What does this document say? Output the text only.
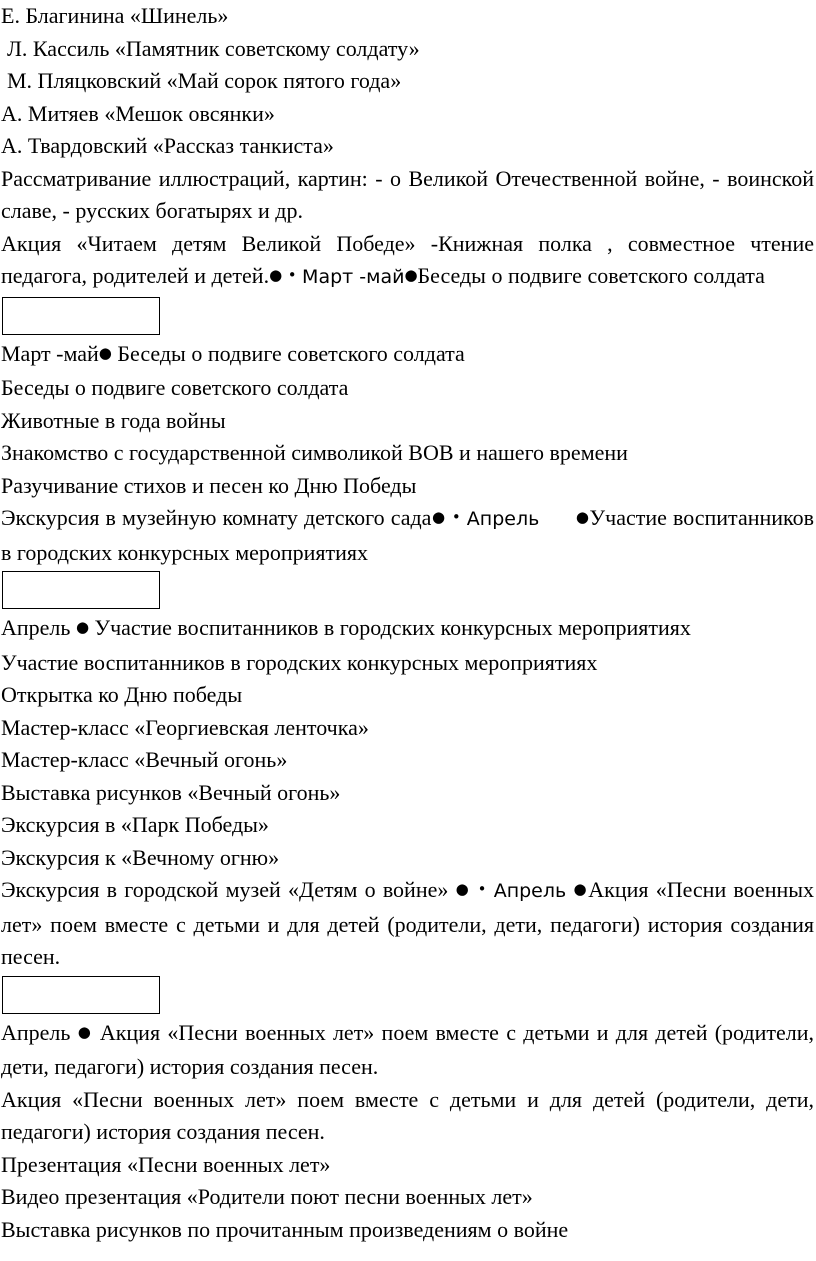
Е. Благинина «Шинель»

Л. Кассиль «Памятник советскому солдату»

М. Пляцковский «Май сорок пятого года»

А. Митяев «Мешок овсянки»

А. Твардовский «Рассказ танкиста»

Рассматривание иллюстраций, картин: - о Великой Отечественной войне, - воинской славе, - русских богатырях и др.

Акция «Читаем детям Великой Победе» -Книжная полка , совместное чтение педагога, родителей и детей.● • Март -май●Беседы о подвиге советского солдата

Март -май● Беседы о подвиге советского солдата

Беседы о подвиге советского солдата

Животные в года войны

Знакомство с государственной символикой ВОВ и нашего времени

Разучивание стихов и песен ко Дню Победы

Экскурсия в музейную комнату детского сада● • Апрель ●Участие воспитанников в городских конкурсных мероприятиях

Апрель ● Участие воспитанников в городских конкурсных мероприятиях

Участие воспитанников в городских конкурсных мероприятиях

Открытка ко Дню победы

Мастер-класс «Георгиевская ленточка»

Мастер-класс «Вечный огонь»

Выставка рисунков «Вечный огонь»

Экскурсия в «Парк Победы»

Экскурсия к «Вечному огню»

Экскурсия в городской музей «Детям о войне» ● • Апрель ●Акция «Песни военных лет» поем вместе с детьми и для детей (родители, дети, педагоги) история создания песен.

Апрель ● Акция «Песни военных лет» поем вместе с детьми и для детей (родители, дети, педагоги) история создания песен.

Акция «Песни военных лет» поем вместе с детьми и для детей (родители, дети, педагоги) история создания песен.

Презентация «Песни военных лет»

Видео презентация «Родители поют песни военных лет»

Выставка рисунков по прочитанным произведениям о войне
